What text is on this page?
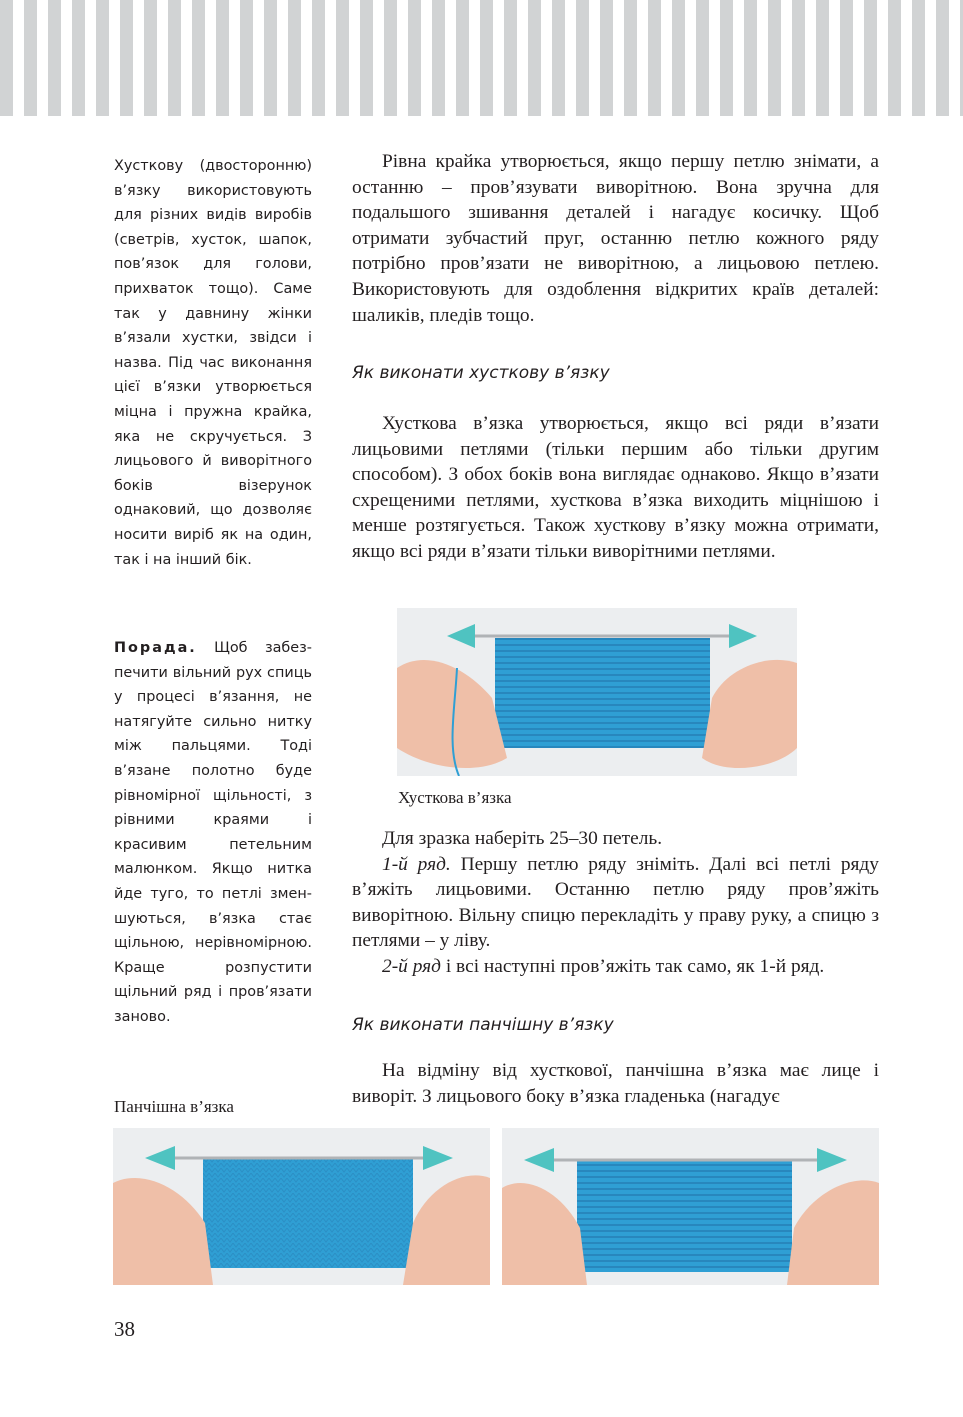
Хусткову (двосторонню) в’язку використовують для різних видів виробів (светрів, хусток, шапок, пов’язок для голови, прихваток тощо). Саме так у давнину жінки в’язали хустки, звідси і назва. Під час виконання цієї в’язки утворюється міцна і пружна крайка, яка не скручується. З лицьового й виворітного боків візерунок однаковий, що дозволяє носити виріб як на один, так і на інший бік.

Порада. Щоб забезпечити вільний рух спиць у процесі в’язання, не натягуйте сильно нитку між пальцями. Тоді в’язане полотно буде рівномірної щільності, з рівними краями і красивим петельним малюнком. Якщо нитка йде туго, то петлі зменшуються, в’язка стає щільною, нерівномірною. Краще розпустити щільний ряд і пров’язати заново.

Рівна крайка утворюється, якщо першу петлю знімати, а останню – пров’язувати виворітною. Вона зручна для подальшого зшивання деталей і нагадує косичку. Щоб отримати зубчастий пруг, останню петлю кожного ряду потрібно пров’язати не виворітною, а лицьовою петлею. Використовують для оздоблення відкритих країв деталей: шаликів, пледів тощо.

Як виконати хусткову в’язку

Хусткова в’язка утворюється, якщо всі ряди в’язати лицьовими петлями (тільки першим або тільки другим способом). З обох боків вона виглядає однаково. Якщо в’язати схрещеними петлями, хусткова в’язка виходить міцнішою і менше розтягується. Також хусткову в’язку можна отримати, якщо всі ряди в’язати тільки виворітними петлями.

Хусткова в’язка

Для зразка наберіть 25–30 петель.

1-й ряд. Першу петлю ряду зніміть. Далі всі петлі ряду в’яжіть лицьовими. Останню петлю ряду пров’яжіть виворітною. Вільну спицю перекладіть у праву руку, а спицю з петлями – у ліву.

2-й ряд і всі наступні пров’яжіть так само, як 1-й ряд.

Як виконати панчішну в’язку

На відміну від хусткової, панчішна в’язка має лице і виворіт. З лицьового боку в’язка гладенька (нагадує

Панчішна в’язка

38
